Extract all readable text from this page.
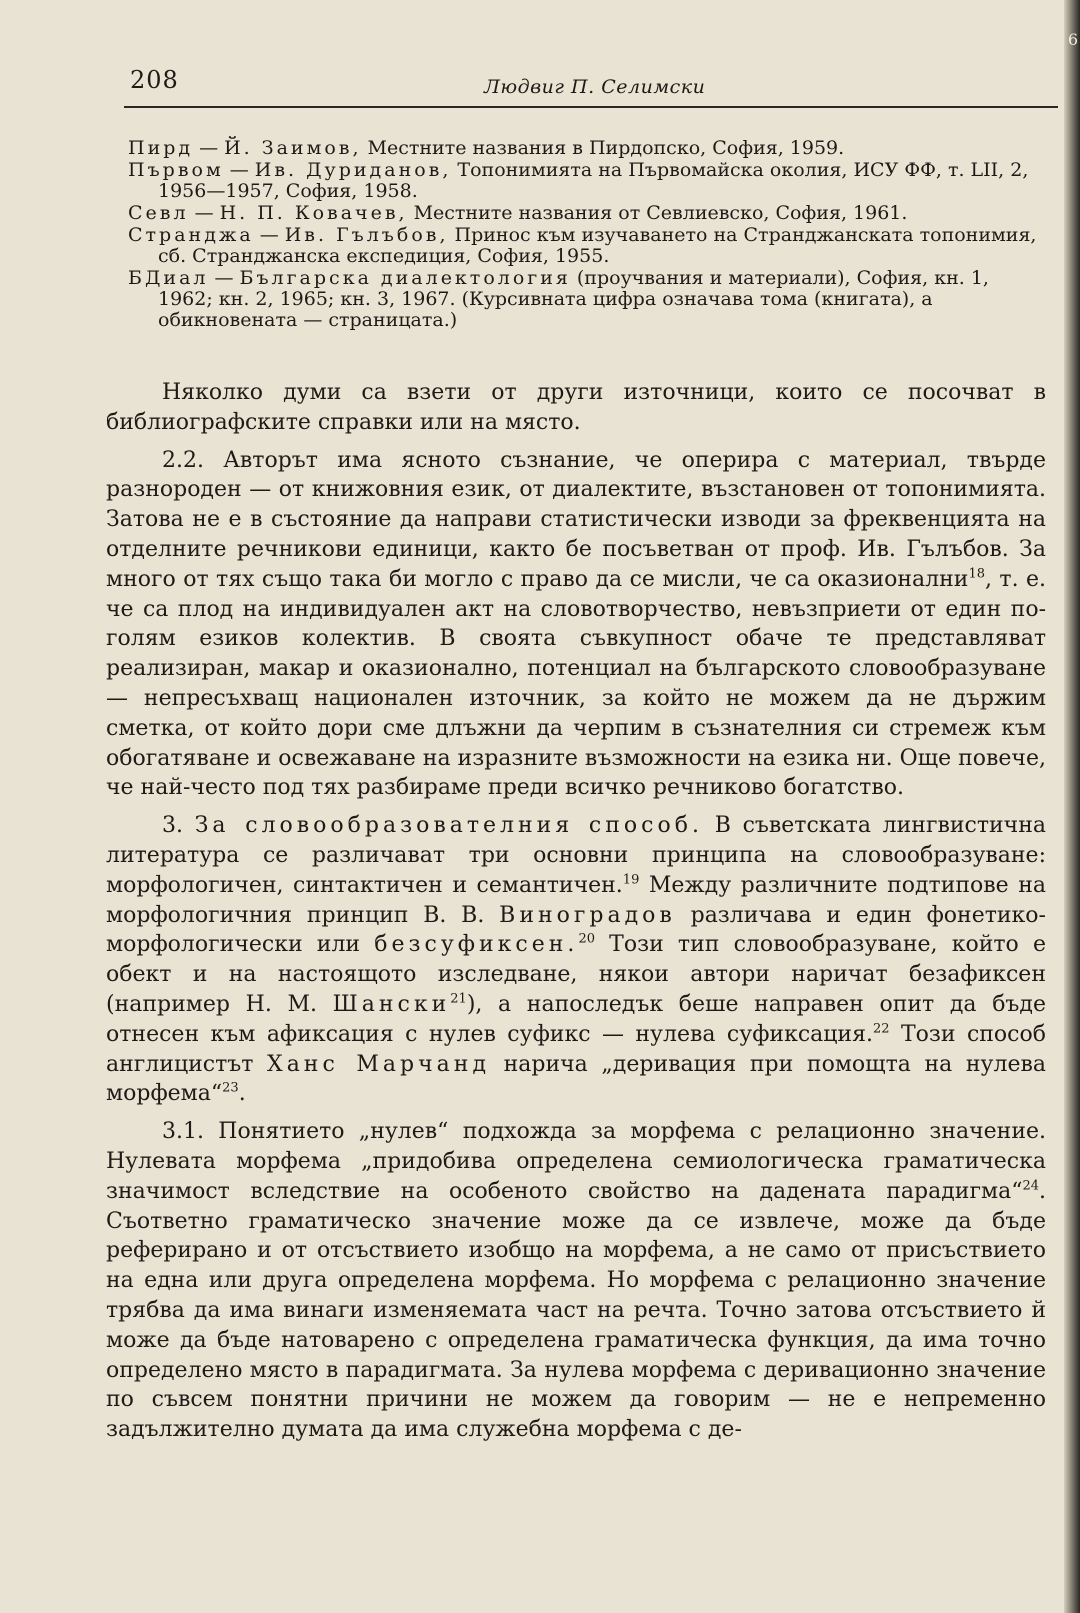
6
208	Людвиг П. Селимски

Пирд — Й. Заимов, Местните названия в Пирдопско, София, 1959.

Първом — Ив. Дуриданов, Топонимията на Първомайска околия, ИСУ ФФ, т. LII, 2, 1956—1957, София, 1958.

Севл — Н. П. Ковачев, Местните названия от Севлиевско, София, 1961.

Странджа — Ив. Гълъбов, Принос към изучаването на Странджанската топонимия, сб. Странджанска експедиция, София, 1955.

БДиал — Българска диалектология (проучвания и материали), София, кн. 1, 1962; кн. 2, 1965; кн. 3, 1967. (Курсивната цифра означава тома (книгата), а обикновената — страницата.)

Няколко думи са взети от други източници, които се посочват в библиографските справки или на място.

2.2. Авторът има ясното съзнание, че оперира с материал, твърде разнороден — от книжовния език, от диалектите, възстановен от топонимията. Затова не е в състояние да направи статистически изводи за фреквенцията на отделните речникови единици, както бе посъветван от проф. Ив. Гълъбов. За много от тях също така би могло с право да се мисли, че са оказионални$^{18}$, т. е. че са плод на индивидуален акт на словотворчество, невъзприети от един по-голям езиков колектив. В своята съвкупност обаче те представляват реализиран, макар и оказионално, потенциал на българското словообразуване — непресъхващ национален източник, за който не можем да не държим сметка, от който дори сме длъжни да черпим в съзнателния си стремеж към обогатяване и освежаване на изразните възможности на езика ни. Още повече, че най-често под тях разбираме преди всичко речниково богатство.

3. За словообразователния способ. В съветската лингвистична литература се различават три основни принципа на словообразуване: морфологичен, синтактичен и семантичен.$^{19}$ Между различните подтипове на морфологичния принцип В. В. Виноградов различава и един фонетико-морфологически или безсуфиксен.$^{20}$ Този тип словообразуване, който е обект и на настоящото изследване, някои автори наричат безафиксен (например Н. М. Шански$^{21}$), а напоследък беше направен опит да бъде отнесен към афиксация с нулев суфикс — нулева суфиксация.$^{22}$ Този способ англицистът Ханс Марчанд нарича „деривация при помощта на нулева морфема“$^{23}$.

3.1. Понятието „нулев“ подхожда за морфема с релационно значение. Нулевата морфема „придобива определена семиологическа граматическа значимост вследствие на особеното свойство на дадената парадигма“$^{24}$. Съответно граматическо значение може да се извлече, може да бъде реферирано и от отсъствието изобщо на морфема, а не само от присъствието на една или друга определена морфема. Но морфема с релационно значение трябва да има винаги изменяемата част на речта. Точно затова отсъствието й може да бъде натоварено с определена граматическа функция, да има точно определено място в парадигмата. За нулева морфема с деривационно значение по съвсем понятни причини не можем да говорим — не е непременно задължително думата да има служебна морфема с де-
